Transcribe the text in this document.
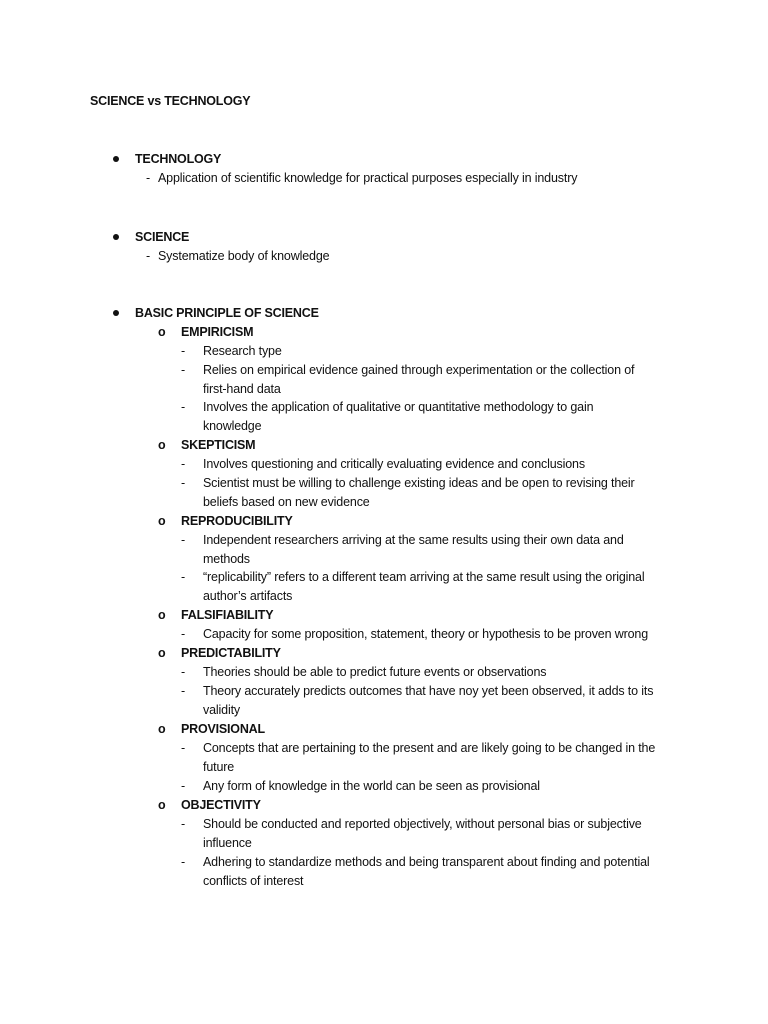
SCIENCE vs TECHNOLOGY
TECHNOLOGY
- Application of scientific knowledge for practical purposes especially in industry
SCIENCE
- Systematize body of knowledge
BASIC PRINCIPLE OF SCIENCE
o EMPIRICISM
- Research type
- Relies on empirical evidence gained through experimentation or the collection of
first-hand data
- Involves the application of qualitative or quantitative methodology to gain
knowledge
o SKEPTICISM
- Involves questioning and critically evaluating evidence and conclusions
- Scientist must be willing to challenge existing ideas and be open to revising their
beliefs based on new evidence
o REPRODUCIBILITY
- Independent researchers arriving at the same results using their own data and
methods
- “replicability” refers to a different team arriving at the same result using the original
author’s artifacts
o FALSIFIABILITY
- Capacity for some proposition, statement, theory or hypothesis to be proven wrong
o PREDICTABILITY
- Theories should be able to predict future events or observations
- Theory accurately predicts outcomes that have noy yet been observed, it adds to its
validity
o PROVISIONAL
- Concepts that are pertaining to the present and are likely going to be changed in the
future
- Any form of knowledge in the world can be seen as provisional
o OBJECTIVITY
- Should be conducted and reported objectively, without personal bias or subjective
influence
- Adhering to standardize methods and being transparent about finding and potential
conflicts of interest
